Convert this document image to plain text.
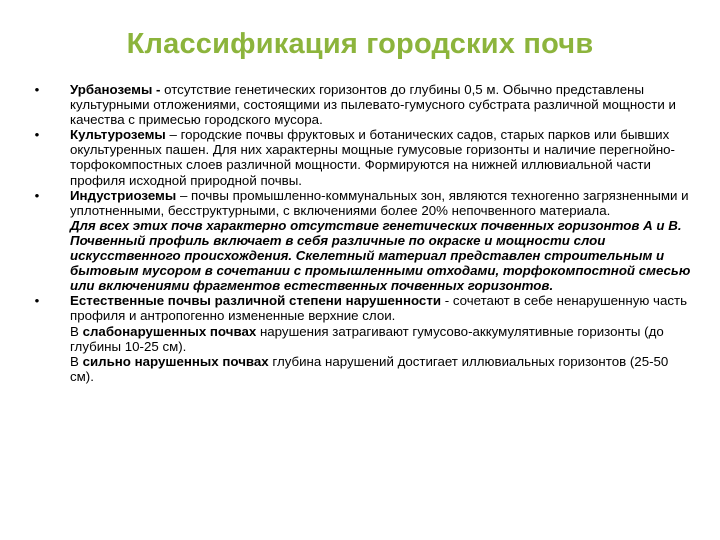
Классификация городских почв
• Урбаноземы - отсутствие генетических горизонтов до глубины 0,5 м. Обычно представлены культурными отложениями, состоящими из пылевато-гумусного субстрата различной мощности и качества с примесью городского мусора.
• Культуроземы – городские почвы фруктовых и ботанических садов, старых парков или бывших окультуренных пашен. Для них характерны мощные гумусовые горизонты и наличие перегнойно-торфокомпостных слоев различной мощности. Формируются на нижней иллювиальной части профиля исходной природной почвы.
• Индустриоземы – почвы промышленно-коммунальных зон, являются техногенно загрязненными и уплотненными, бесструктурными, с включениями более 20% непочвенного материала.
Для всех этих почв характерно отсутствие генетических почвенных горизонтов А и В. Почвенный профиль включает в себя различные по окраске и мощности слои искусственного происхождения. Скелетный материал представлен строительным и бытовым мусором в сочетании с промышленными отходами, торфокомпостной смесью или включениями фрагментов естественных почвенных горизонтов.
• Естественные почвы различной степени нарушенности - сочетают в себе ненарушенную часть профиля и антропогенно измененные верхние слои.
В слабонарушенных почвах нарушения затрагивают гумусово-аккумулятивные горизонты (до глубины 10-25 см).
В сильно нарушенных почвах глубина нарушений достигает иллювиальных горизонтов (25-50 см).
